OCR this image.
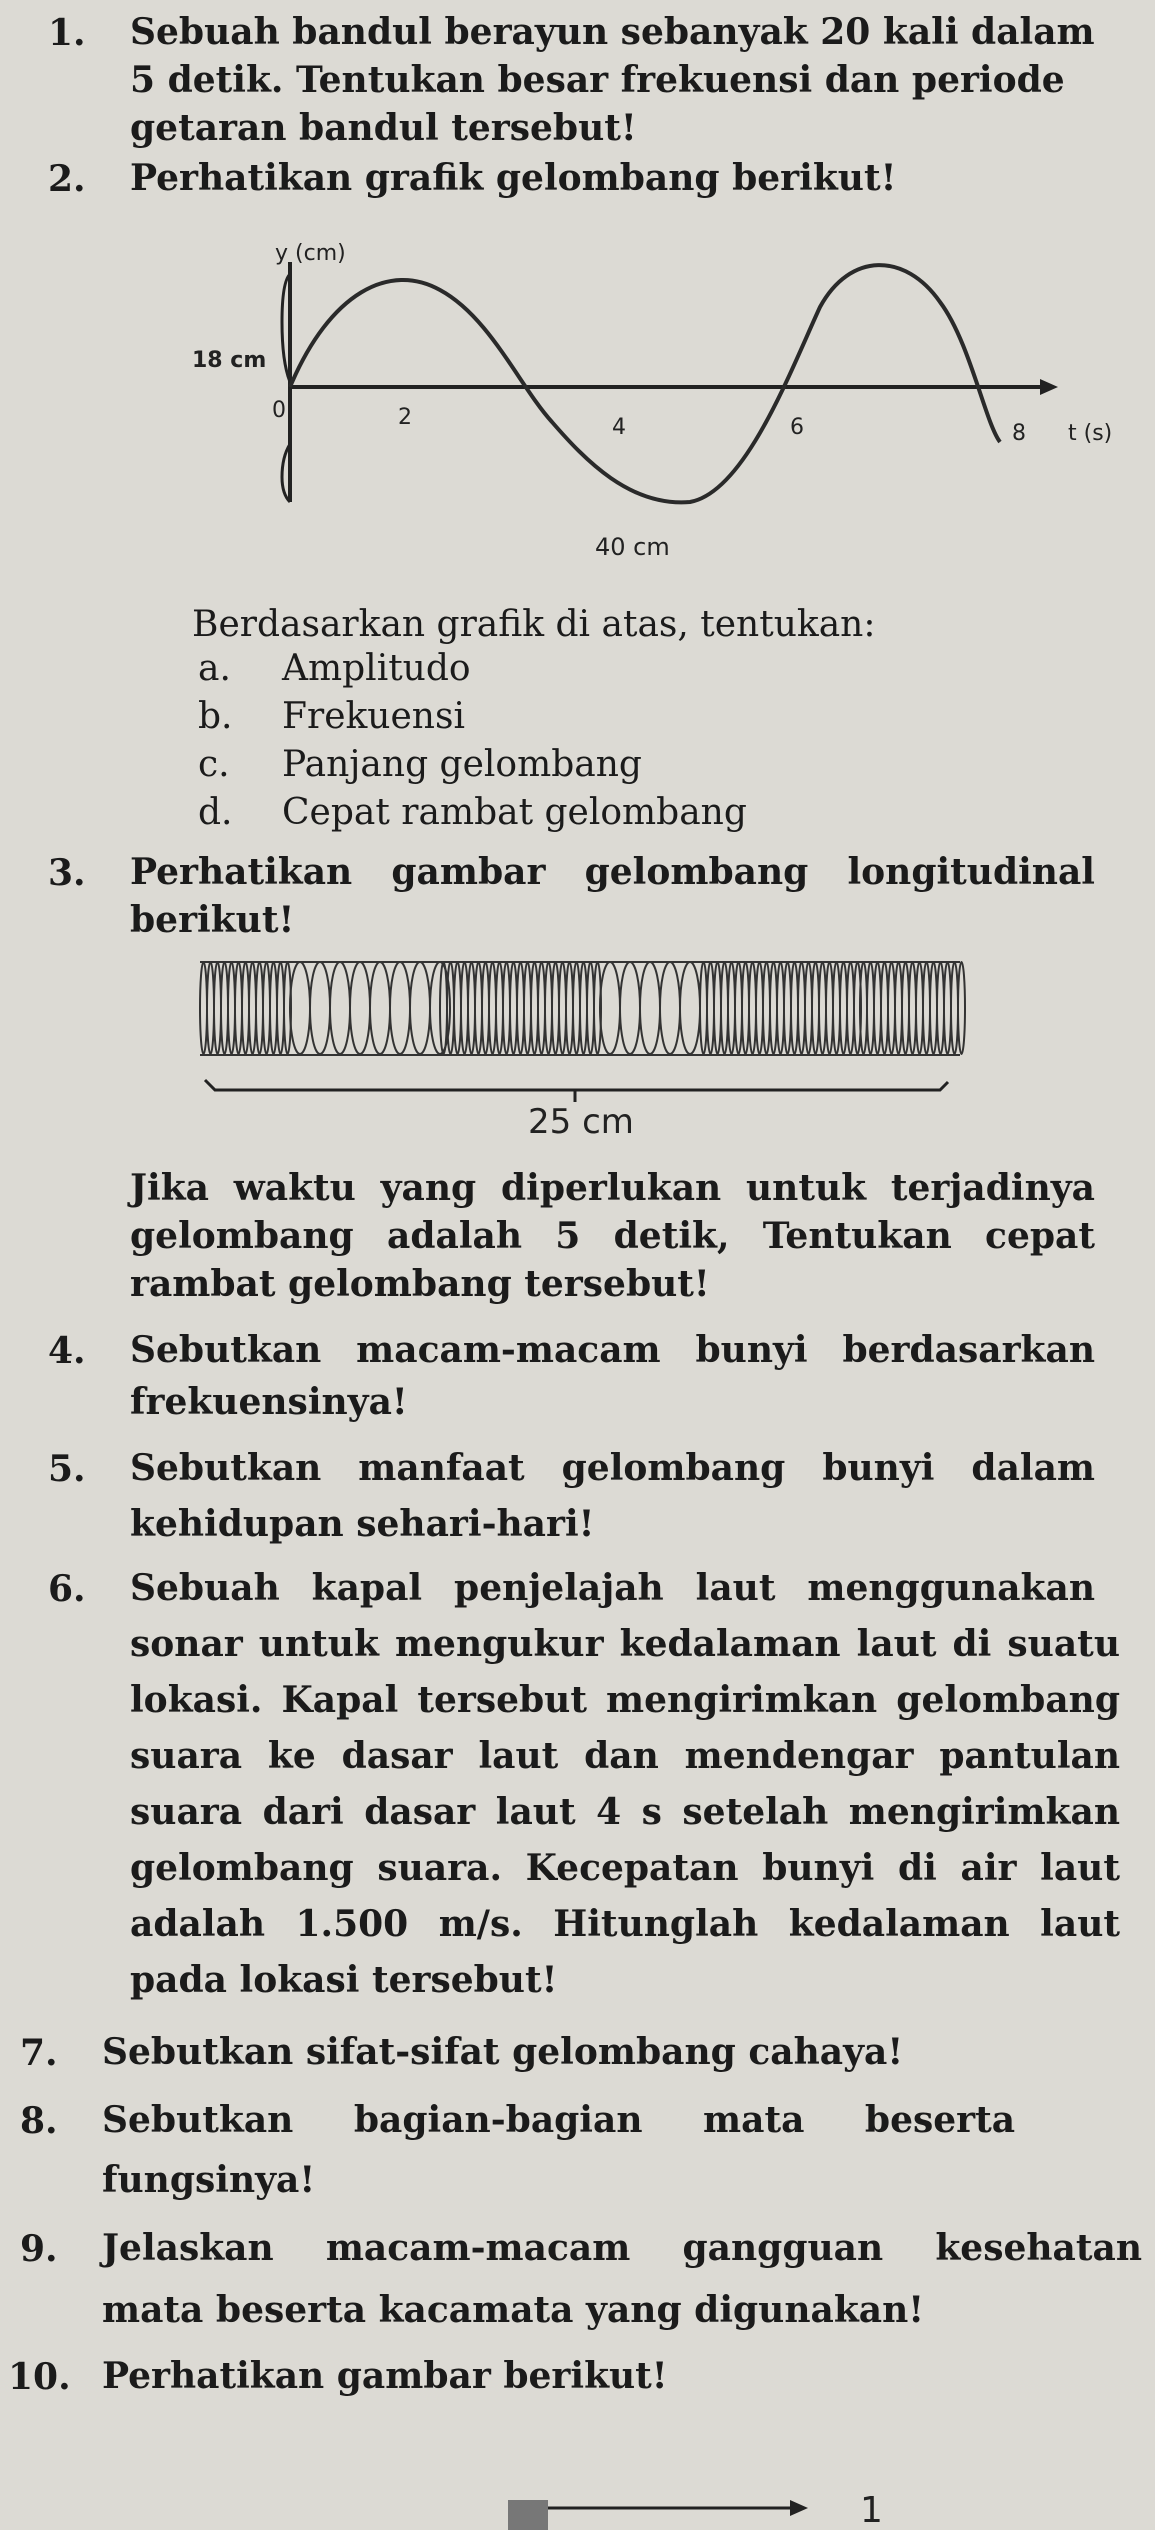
1. Sebuah bandul berayun sebanyak 20 kali dalam
5 detik. Tentukan besar frekuensi dan periode
getaran bandul tersebut!
2. Perhatikan grafik gelombang berikut!
y (cm)
18 cm
0	2	4	6	8 t (s)
40 cm
Berdasarkan grafik di atas, tentukan:
a. Amplitudo
b. Frekuensi
c. Panjang gelombang
d. Cepat rambat gelombang
3. Perhatikan gambar gelombang longitudinal
berikut!
25 cm
Jika waktu yang diperlukan untuk terjadinya
gelombang adalah 5 detik, Tentukan cepat
rambat gelombang tersebut!
4. Sebutkan macam-macam bunyi berdasarkan
frekuensinya!
5. Sebutkan manfaat gelombang bunyi dalam
kehidupan sehari-hari!
6. Sebuah kapal penjelajah laut menggunakan
sonar untuk mengukur kedalaman laut di suatu
lokasi. Kapal tersebut mengirimkan gelombang
suara ke dasar laut dan mendengar pantulan
suara dari dasar laut 4 s setelah mengirimkan
gelombang suara. Kecepatan bunyi di air laut
adalah 1.500 m/s. Hitunglah kedalaman laut
pada lokasi tersebut!
7. Sebutkan sifat-sifat gelombang cahaya!
8. Sebutkan bagian-bagian mata beserta
fungsinya!
9. Jelaskan macam-macam gangguan kesehatan
mata beserta kacamata yang digunakan!
10. Perhatikan gambar berikut!
1
